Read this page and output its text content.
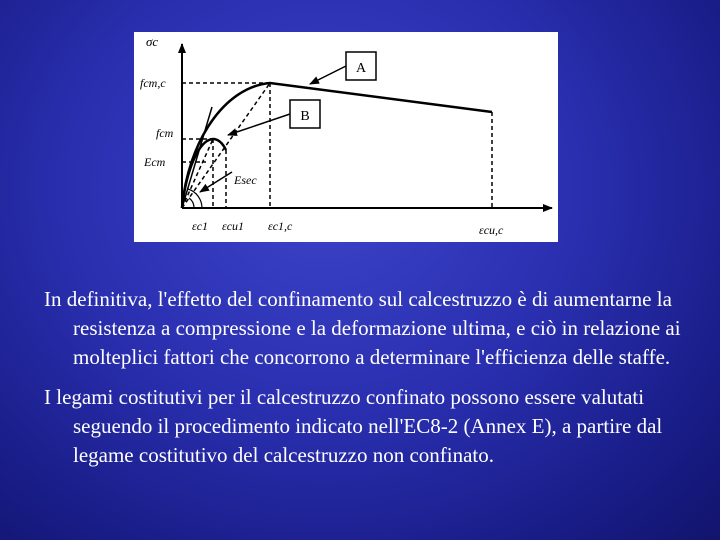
A
B
σc
fcm,c
fcm
Ecm
Esec
εc1 εcu1 εc1,c	εcu,c

In definitiva, l'effetto del confinamento sul calcestruzzo è di aumentarne la resistenza a compressione e la deformazione ultima, e ciò in relazione ai molteplici fattori che concorrono a determinare l'efficienza delle staffe.

I legami costitutivi per il calcestruzzo confinato possono essere valutati seguendo il procedimento indicato nell'EC8-2 (Annex E), a partire dal legame costitutivo del calcestruzzo non confinato.
